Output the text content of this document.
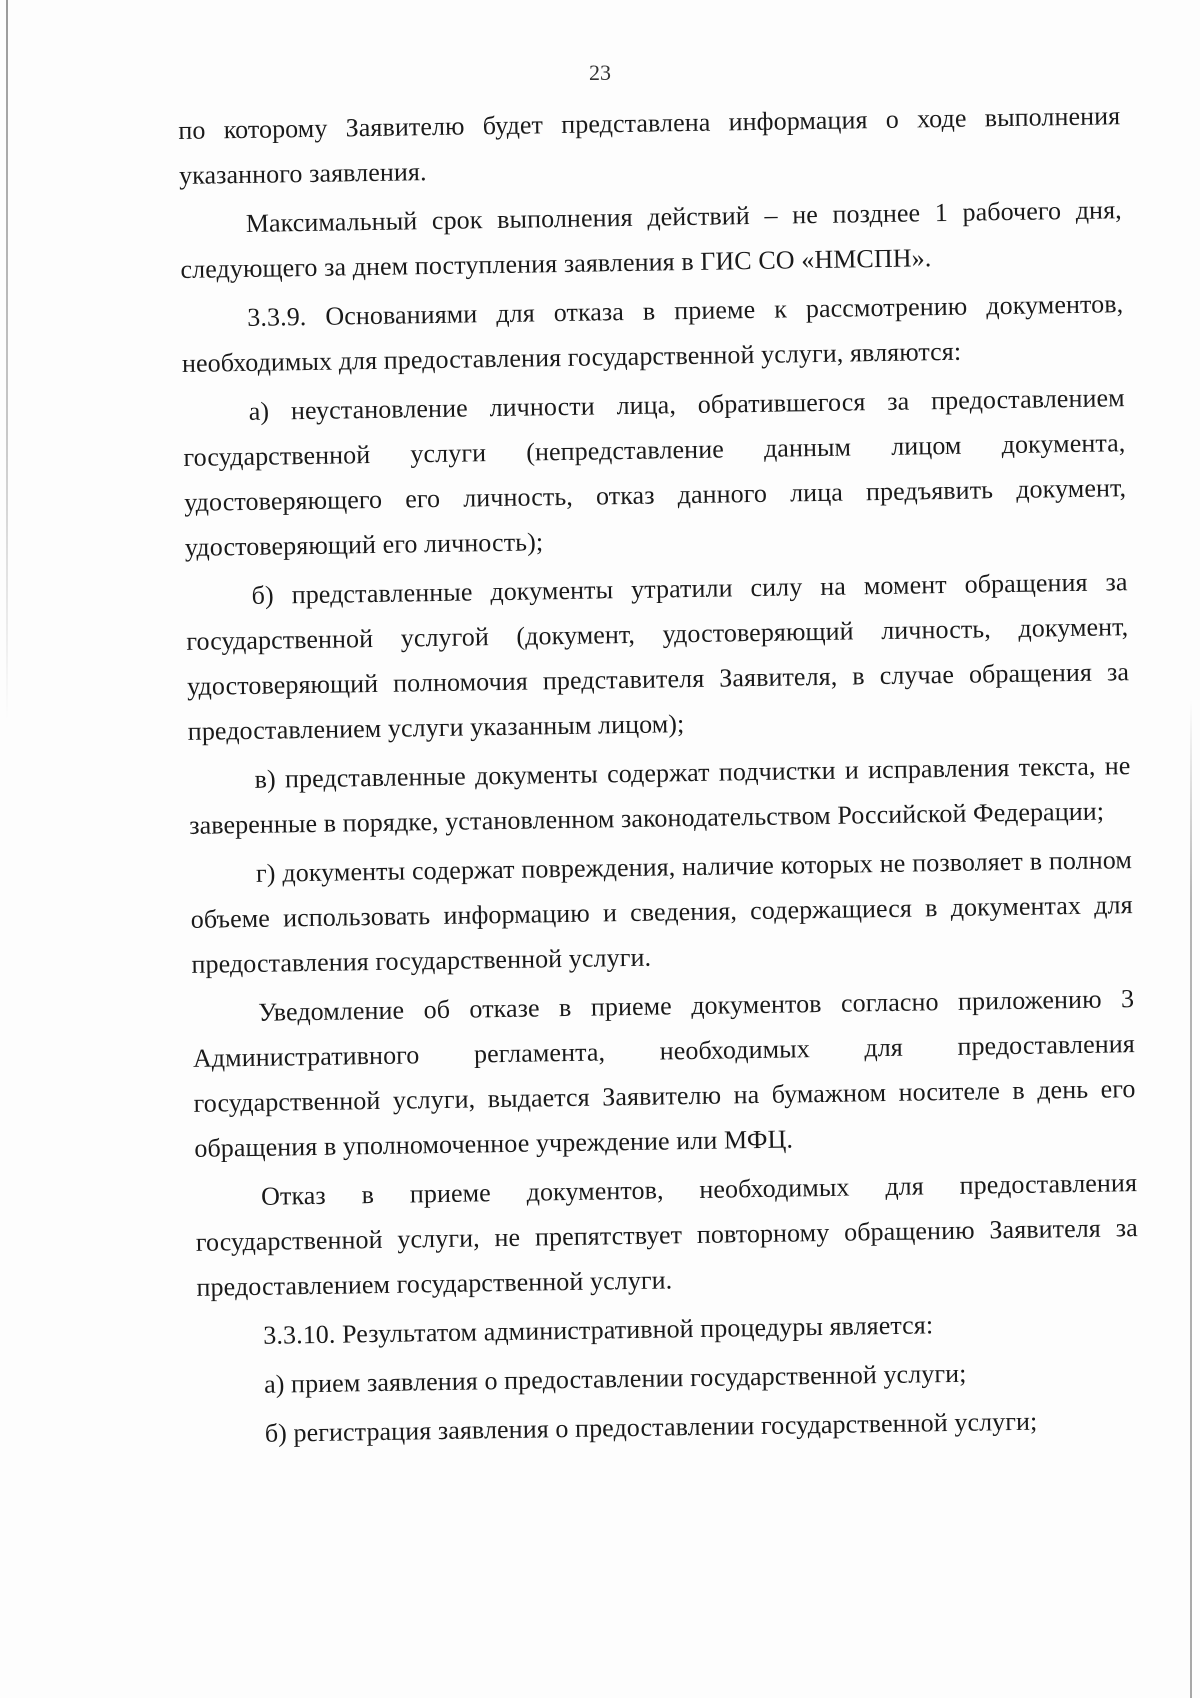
23

по которому Заявителю будет представлена информация о ходе выполнения указанного заявления.

Максимальный срок выполнения действий – не позднее 1 рабочего дня, следующего за днем поступления заявления в ГИС СО «НМСПН».

3.3.9. Основаниями для отказа в приеме к рассмотрению документов, необходимых для предоставления государственной услуги, являются:

а) неустановление личности лица, обратившегося за предоставлением государственной услуги (непредставление данным лицом документа, удостоверяющего его личность, отказ данного лица предъявить документ, удостоверяющий его личность);

б) представленные документы утратили силу на момент обращения за государственной услугой (документ, удостоверяющий личность, документ, удостоверяющий полномочия представителя Заявителя, в случае обращения за предоставлением услуги указанным лицом);

в) представленные документы содержат подчистки и исправления текста, не заверенные в порядке, установленном законодательством Российской Федерации;

г) документы содержат повреждения, наличие которых не позволяет в полном объеме использовать информацию и сведения, содержащиеся в документах для предоставления государственной услуги.

Уведомление об отказе в приеме документов согласно приложению 3 Административного регламента, необходимых для предоставления государственной услуги, выдается Заявителю на бумажном носителе в день его обращения в уполномоченное учреждение или МФЦ.

Отказ в приеме документов, необходимых для предоставления государственной услуги, не препятствует повторному обращению Заявителя за предоставлением государственной услуги.

3.3.10. Результатом административной процедуры является:

а) прием заявления о предоставлении государственной услуги;

б) регистрация заявления о предоставлении государственной услуги;
